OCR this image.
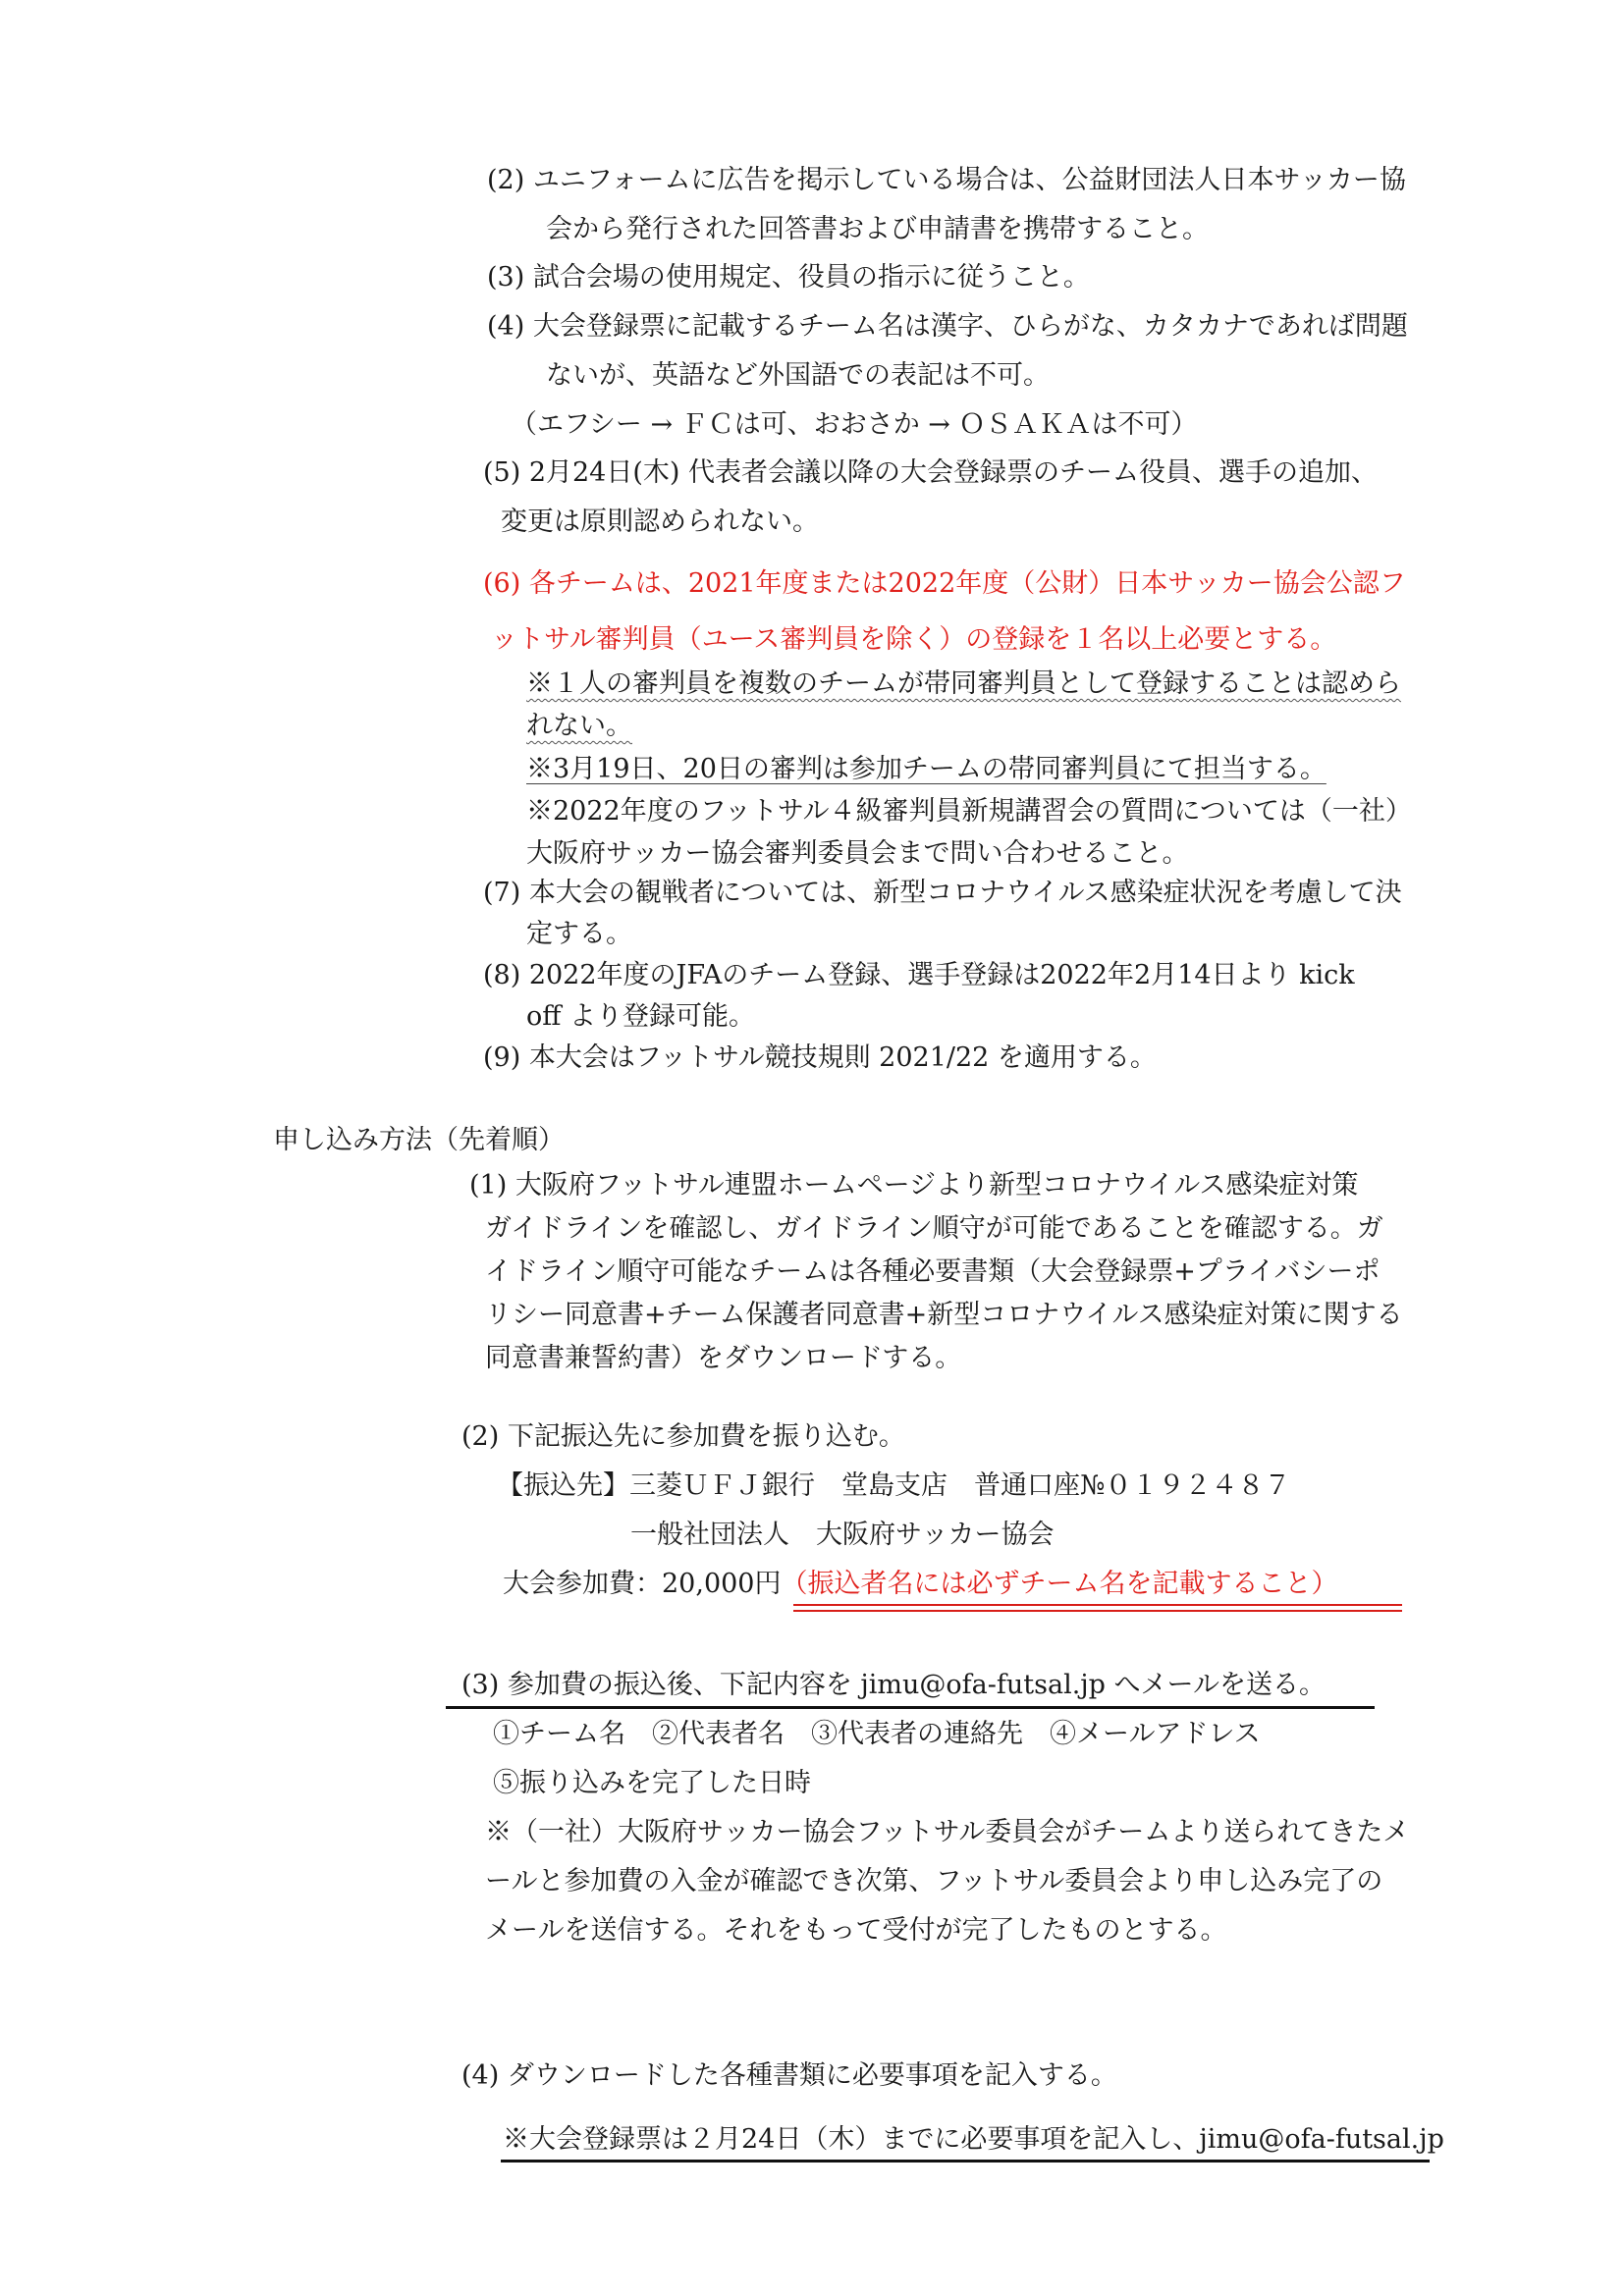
(2) ユニフォームに広告を掲示している場合は、公益財団法人日本サッカー協
会から発行された回答書および申請書を携帯すること。
(3) 試合会場の使用規定、役員の指示に従うこと。
(4) 大会登録票に記載するチーム名は漢字、ひらがな、カタカナであれば問題
ないが、英語など外国語での表記は不可。
（エフシー → ＦＣは可、おおさか → ＯＳＡＫＡは不可）
(5) 2月24日(木) 代表者会議以降の大会登録票のチーム役員、選手の追加、
変更は原則認められない。
(6) 各チームは、2021年度または2022年度（公財）日本サッカー協会公認フ
ットサル審判員（ユース審判員を除く）の登録を１名以上必要とする。
※１人の審判員を複数のチームが帯同審判員として登録することは認めら
れない。
※3月19日、20日の審判は参加チームの帯同審判員にて担当する。
※2022年度のフットサル４級審判員新規講習会の質問については（一社）
大阪府サッカー協会審判委員会まで問い合わせること。
(7) 本大会の観戦者については、新型コロナウイルス感染症状況を考慮して決
定する。
(8) 2022年度のJFAのチーム登録、選手登録は2022年2月14日より kick
off より登録可能。
(9) 本大会はフットサル競技規則 2021/22 を適用する。
申し込み方法（先着順）
(1) 大阪府フットサル連盟ホームページより新型コロナウイルス感染症対策
ガイドラインを確認し、ガイドライン順守が可能であることを確認する。ガ
イドライン順守可能なチームは各種必要書類（大会登録票+プライバシーポ
リシー同意書+チーム保護者同意書+新型コロナウイルス感染症対策に関する
同意書兼誓約書）をダウンロードする。
(2) 下記振込先に参加費を振り込む。
【振込先】三菱ＵＦＪ銀行　堂島支店　普通口座№０１９２４８７
一般社団法人　大阪府サッカー協会
大会参加費：20,000円（振込者名には必ずチーム名を記載すること）
(3) 参加費の振込後、下記内容を jimu@ofa-futsal.jp へメールを送る。
①チーム名　②代表者名　③代表者の連絡先　④メールアドレス
⑤振り込みを完了した日時
※（一社）大阪府サッカー協会フットサル委員会がチームより送られてきたメ
ールと参加費の入金が確認でき次第、フットサル委員会より申し込み完了の
メールを送信する。それをもって受付が完了したものとする。
(4) ダウンロードした各種書類に必要事項を記入する。
※大会登録票は２月24日（木）までに必要事項を記入し、jimu@ofa-futsal.jp
